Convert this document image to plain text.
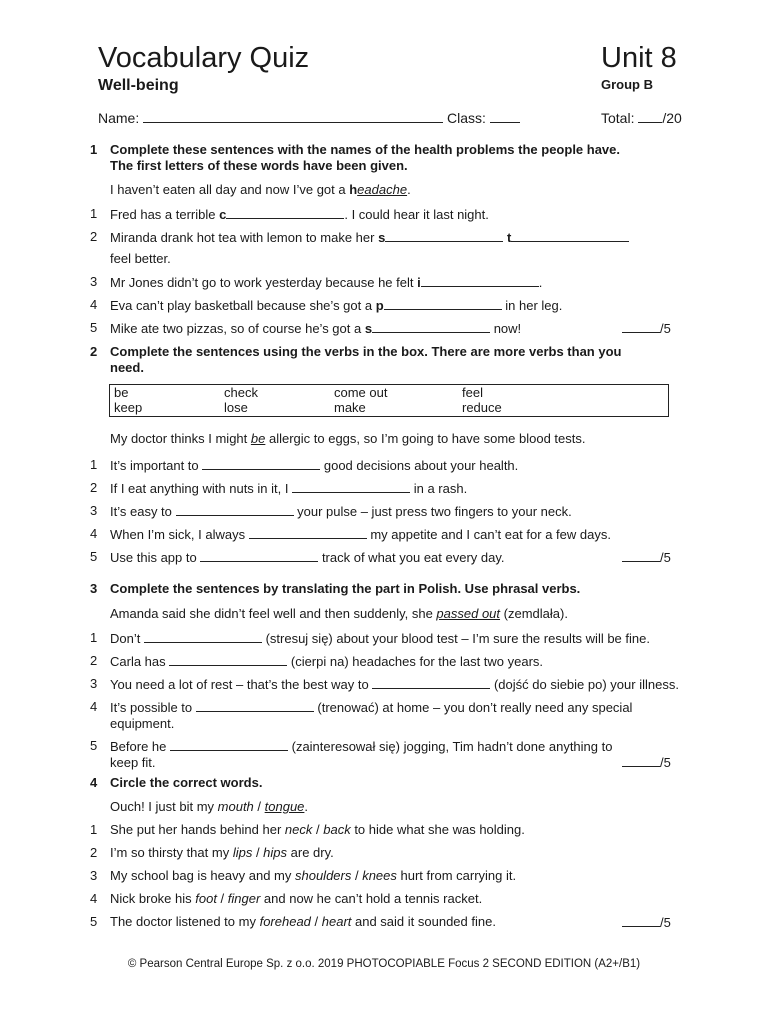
Vocabulary Quiz	Unit 8
Well-being	Group B
Name:	Class:	Total: /20
1 Complete these sentences with the names of the health problems the people have.
The first letters of these words have been given.
I haven’t eaten all day and now I’ve got a headache.
1 Fred has a terrible c	. I could hear it last night.
2 Miranda drank hot tea with lemon to make her s	t
feel better.
3 Mr Jones didn’t go to work yesterday because he felt i	.
4 Eva can’t play basketball because she’s got a p	in her leg.
5 Mike ate two pizzas, so of course he’s got a s	now!	/5
2 Complete the sentences using the verbs in the box. There are more verbs than you
need.
be	check	come out	feel
keep	lose	make	reduce
My doctor thinks I might be allergic to eggs, so I’m going to have some blood tests.
1 It’s important to	good decisions about your health.
2 If I eat anything with nuts in it, I	in a rash.
3 It’s easy to	your pulse – just press two fingers to your neck.
4 When I’m sick, I always	my appetite and I can’t eat for a few days.
5 Use this app to	track of what you eat every day.	/5
3 Complete the sentences by translating the part in Polish. Use phrasal verbs.
Amanda said she didn’t feel well and then suddenly, she passed out (zemdlała).
1 Don’t	(stresuj się) about your blood test – I’m sure the results will be fine.
2 Carla has	(cierpi na) headaches for the last two years.
3 You need a lot of rest – that’s the best way to	(dojść do siebie po) your illness.
4 It’s possible to	(trenować) at home – you don’t really need any special
equipment.
5 Before he	(zainteresował się) jogging, Tim hadn’t done anything to
keep fit.	/5
4 Circle the correct words.
Ouch! I just bit my mouth / tongue.
1 She put her hands behind her neck / back to hide what she was holding.
2 I’m so thirsty that my lips / hips are dry.
3 My school bag is heavy and my shoulders / knees hurt from carrying it.
4 Nick broke his foot / finger and now he can’t hold a tennis racket.
5 The doctor listened to my forehead / heart and said it sounded fine.	/5
© Pearson Central Europe Sp. z o.o. 2019 PHOTOCOPIABLE Focus 2 SECOND EDITION (A2+/B1)
